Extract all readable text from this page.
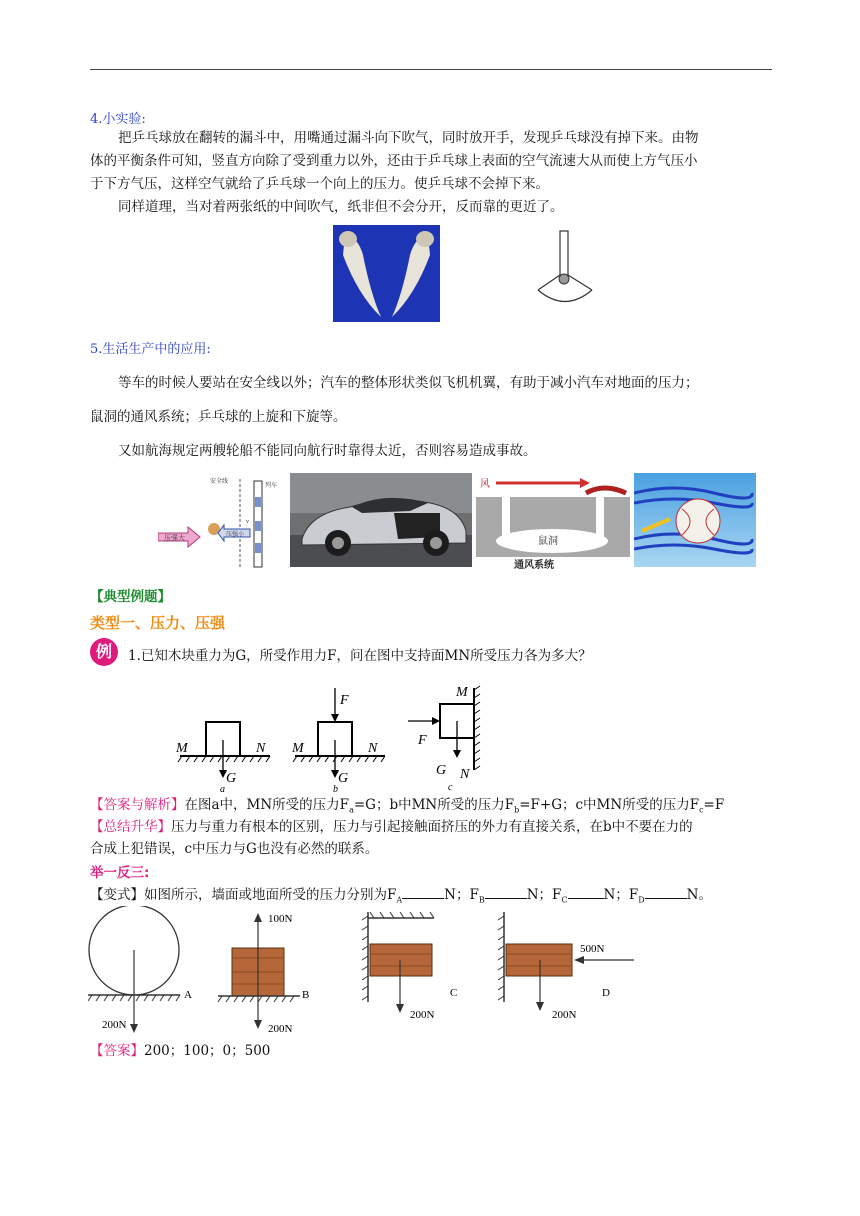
4.小实验:
把乒乓球放在翻转的漏斗中，用嘴通过漏斗向下吹气，同时放开手，发现乒乓球没有掉下来。由物
体的平衡条件可知，竖直方向除了受到重力以外，还由于乒乓球上表面的空气流速大从而使上方气压小
于下方气压，这样空气就给了乒乓球一个向上的压力。使乒乓球不会掉下来。
同样道理，当对着两张纸的中间吹气，纸非但不会分开，反而靠的更近了。
5.生活生产中的应用:
等车的时候人要站在安全线以外；汽车的整体形状类似飞机机翼，有助于减小汽车对地面的压力；
鼠洞的通风系统；乒乓球的上旋和下旋等。
又如航海规定两艘轮船不能同向航行时靠得太近，否则容易造成事故。
安全线
列车
v
压强大	压强小
风
鼠洞
通风系统
【典型例题】
类型一、压力、压强
例	1.已知木块重力为G，所受作用力F，问在图中支持面MN所受压力各为多大？
M	N
G
a
F
M	N
G
b
M
F
G N
c
【答案与解析】在图a中，MN所受的压力$F_a=G$；b中MN所受的压力$F_b=F+G$；c中MN所受的压力$F_c=F$
【总结升华】压力与重力有根本的区别，压力与引起接触面挤压的外力有直接关系，在b中不要在力的
合成上犯错误，c中压力与G也没有必然的联系。
举一反三:
【变式】如图所示，墙面或地面所受的压力分别为$F_A$	N；$F_B$	N；$F_C$	N；$F_D$	N。
200N
A
100N
200N
B
200N
C
500N
200N
D
【答案】200；100；0；500
